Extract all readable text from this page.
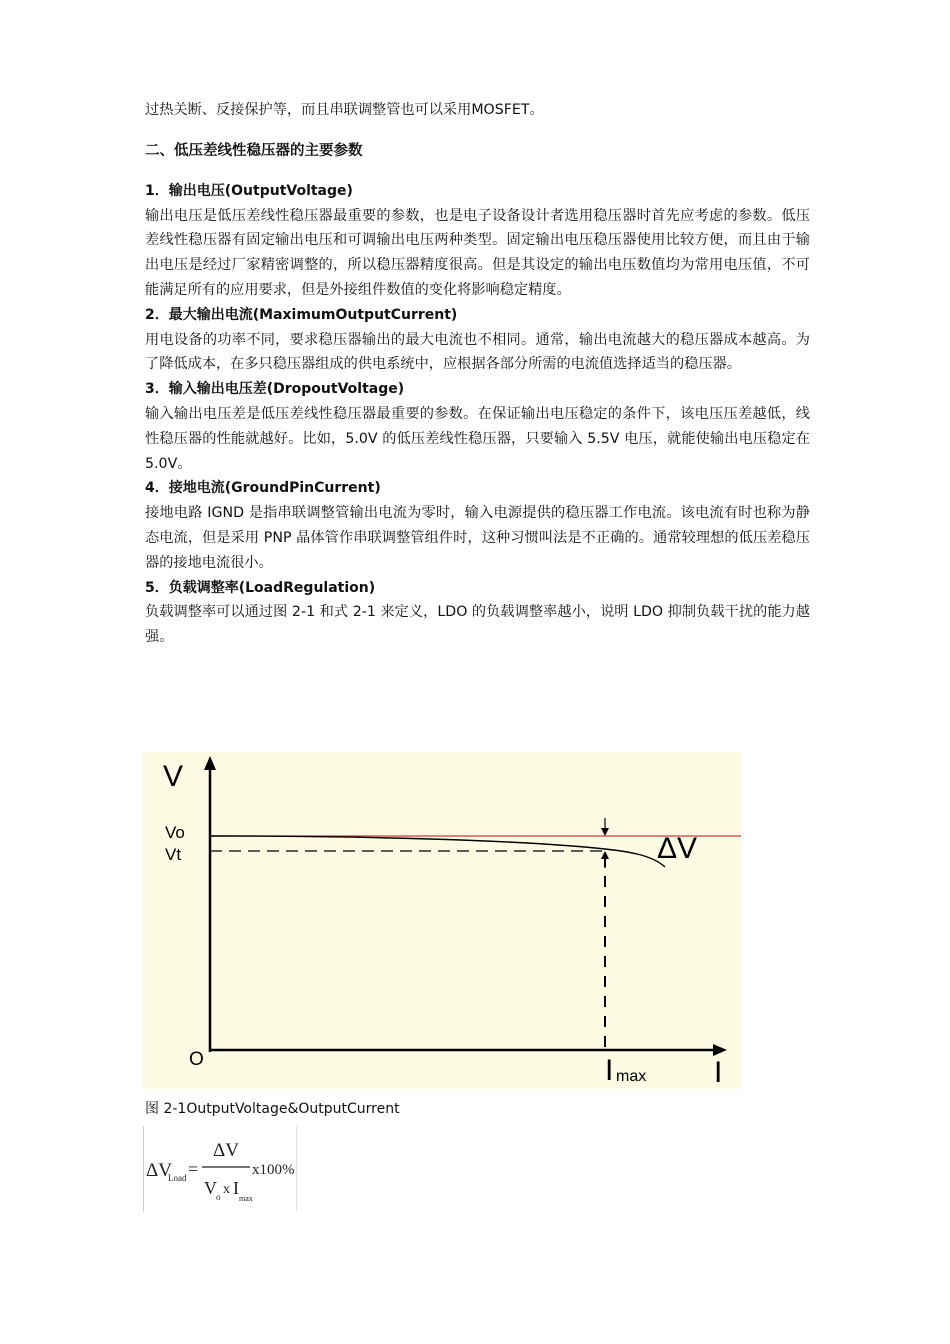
过热关断、反接保护等，而且串联调整管也可以采用MOSFET。

二、低压差线性稳压器的主要参数

1．输出电压(OutputVoltage)

输出电压是低压差线性稳压器最重要的参数，也是电子设备设计者选用稳压器时首先应考虑的参数。低压差线性稳压器有固定输出电压和可调输出电压两种类型。固定输出电压稳压器使用比较方便，而且由于输出电压是经过厂家精密调整的，所以稳压器精度很高。但是其设定的输出电压数值均为常用电压值，不可能满足所有的应用要求，但是外接组件数值的变化将影响稳定精度。

2．最大输出电流(MaximumOutputCurrent)

用电设备的功率不同，要求稳压器输出的最大电流也不相同。通常，输出电流越大的稳压器成本越高。为了降低成本，在多只稳压器组成的供电系统中，应根据各部分所需的电流值选择适当的稳压器。

3．输入输出电压差(DropoutVoltage)

输入输出电压差是低压差线性稳压器最重要的参数。在保证输出电压稳定的条件下，该电压压差越低，线性稳压器的性能就越好。比如，5.0V 的低压差线性稳压器，只要输入 5.5V 电压，就能使输出电压稳定在 5.0V。

4．接地电流(GroundPinCurrent)

接地电路 IGND 是指串联调整管输出电流为零时，输入电源提供的稳压器工作电流。该电流有时也称为静态电流，但是采用 PNP 晶体管作串联调整管组件时，这种习惯叫法是不正确的。通常较理想的低压差稳压器的接地电流很小。

5．负载调整率(LoadRegulation)

负载调整率可以通过图 2-1 和式 2-1 来定义，LDO 的负载调整率越小，说明 LDO 抑制负载干扰的能力越强。

V
Vo
Vt	ΔV
O	I max I
图 2-1OutputVoltage&OutputCurrent
ΔV
Load =
ΔV
V o x I
max
x100%
